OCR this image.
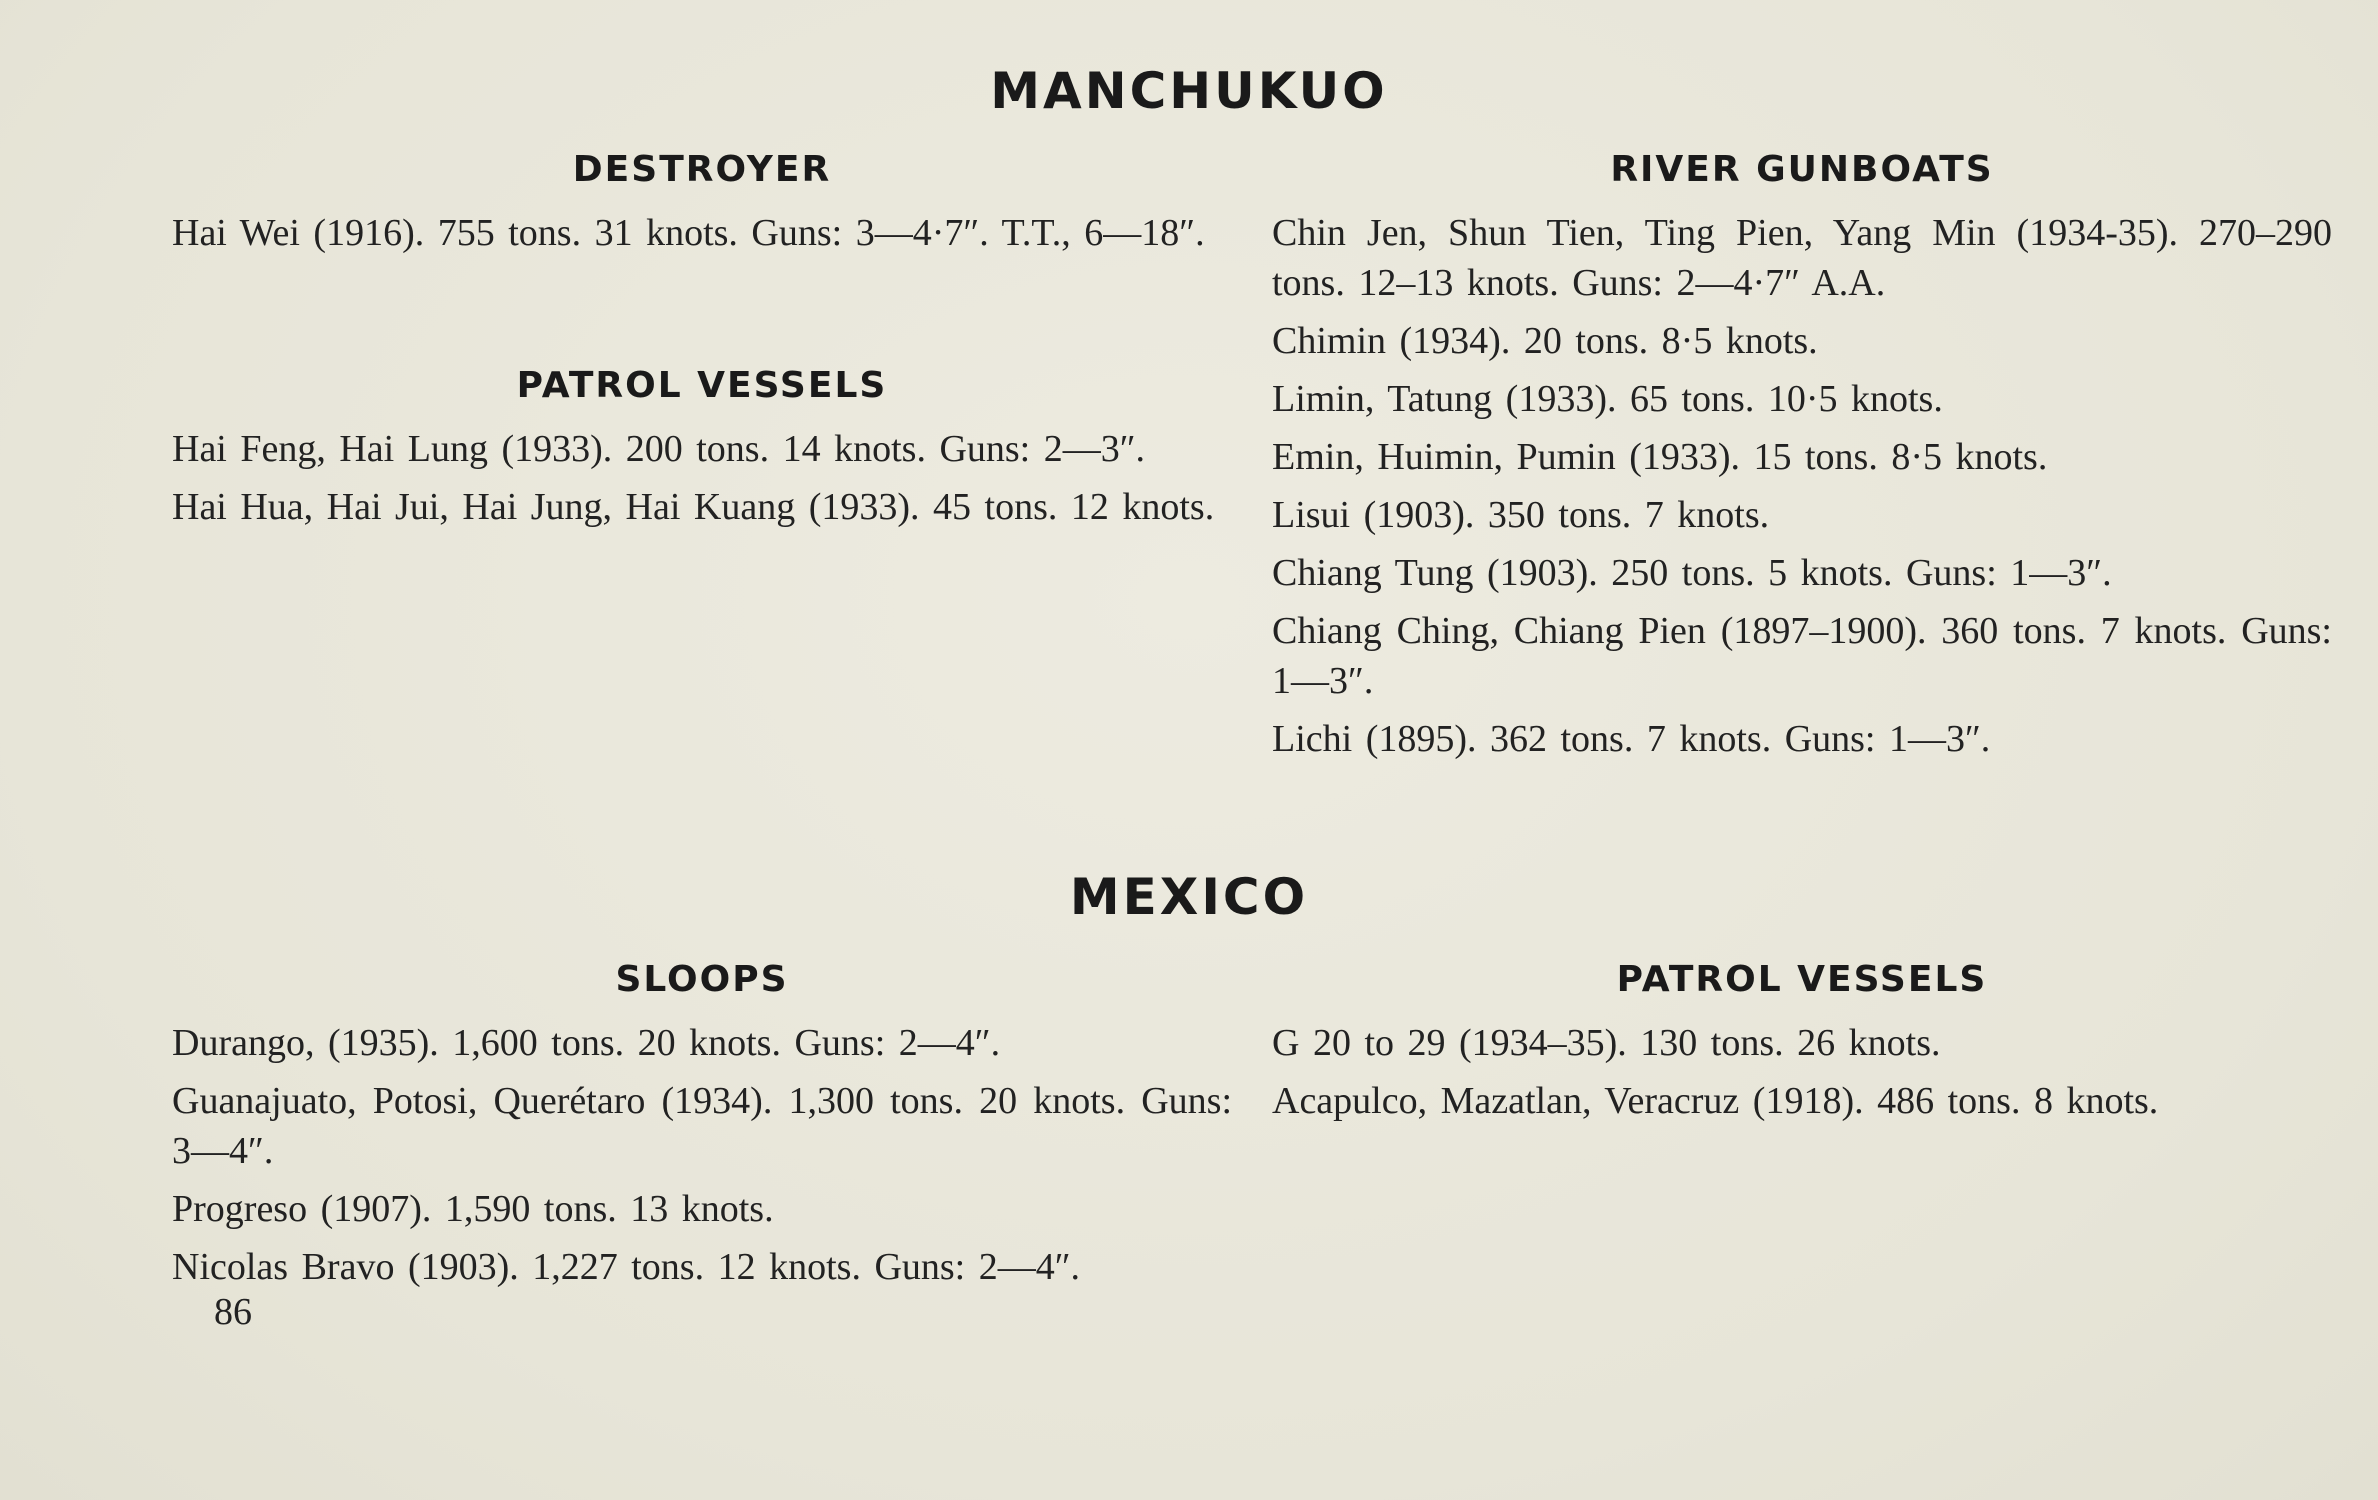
MANCHUKUO
DESTROYER

Hai Wei (1916). 755 tons. 31 knots. Guns: 3—4·7″. T.T., 6—18″.

PATROL VESSELS

Hai Feng, Hai Lung (1933). 200 tons. 14 knots. Guns: 2—3″.

Hai Hua, Hai Jui, Hai Jung, Hai Kuang (1933). 45 tons. 12 knots.

RIVER GUNBOATS

Chin Jen, Shun Tien, Ting Pien, Yang Min (1934-35). 270–290 tons. 12–13 knots. Guns: 2—4·7″ A.A.

Chimin (1934). 20 tons. 8·5 knots.

Limin, Tatung (1933). 65 tons. 10·5 knots.

Emin, Huimin, Pumin (1933). 15 tons. 8·5 knots.

Lisui (1903). 350 tons. 7 knots.

Chiang Tung (1903). 250 tons. 5 knots. Guns: 1—3″.

Chiang Ching, Chiang Pien (1897–1900). 360 tons. 7 knots. Guns: 1—3″.

Lichi (1895). 362 tons. 7 knots. Guns: 1—3″.

MEXICO
SLOOPS

Durango, (1935). 1,600 tons. 20 knots. Guns: 2—4″.

Guanajuato, Potosi, Querétaro (1934). 1,300 tons. 20 knots. Guns: 3—4″.

Progreso (1907). 1,590 tons. 13 knots.

Nicolas Bravo (1903). 1,227 tons. 12 knots. Guns: 2—4″.

PATROL VESSELS

G 20 to 29 (1934–35). 130 tons. 26 knots.

Acapulco, Mazatlan, Veracruz (1918). 486 tons. 8 knots.

86
